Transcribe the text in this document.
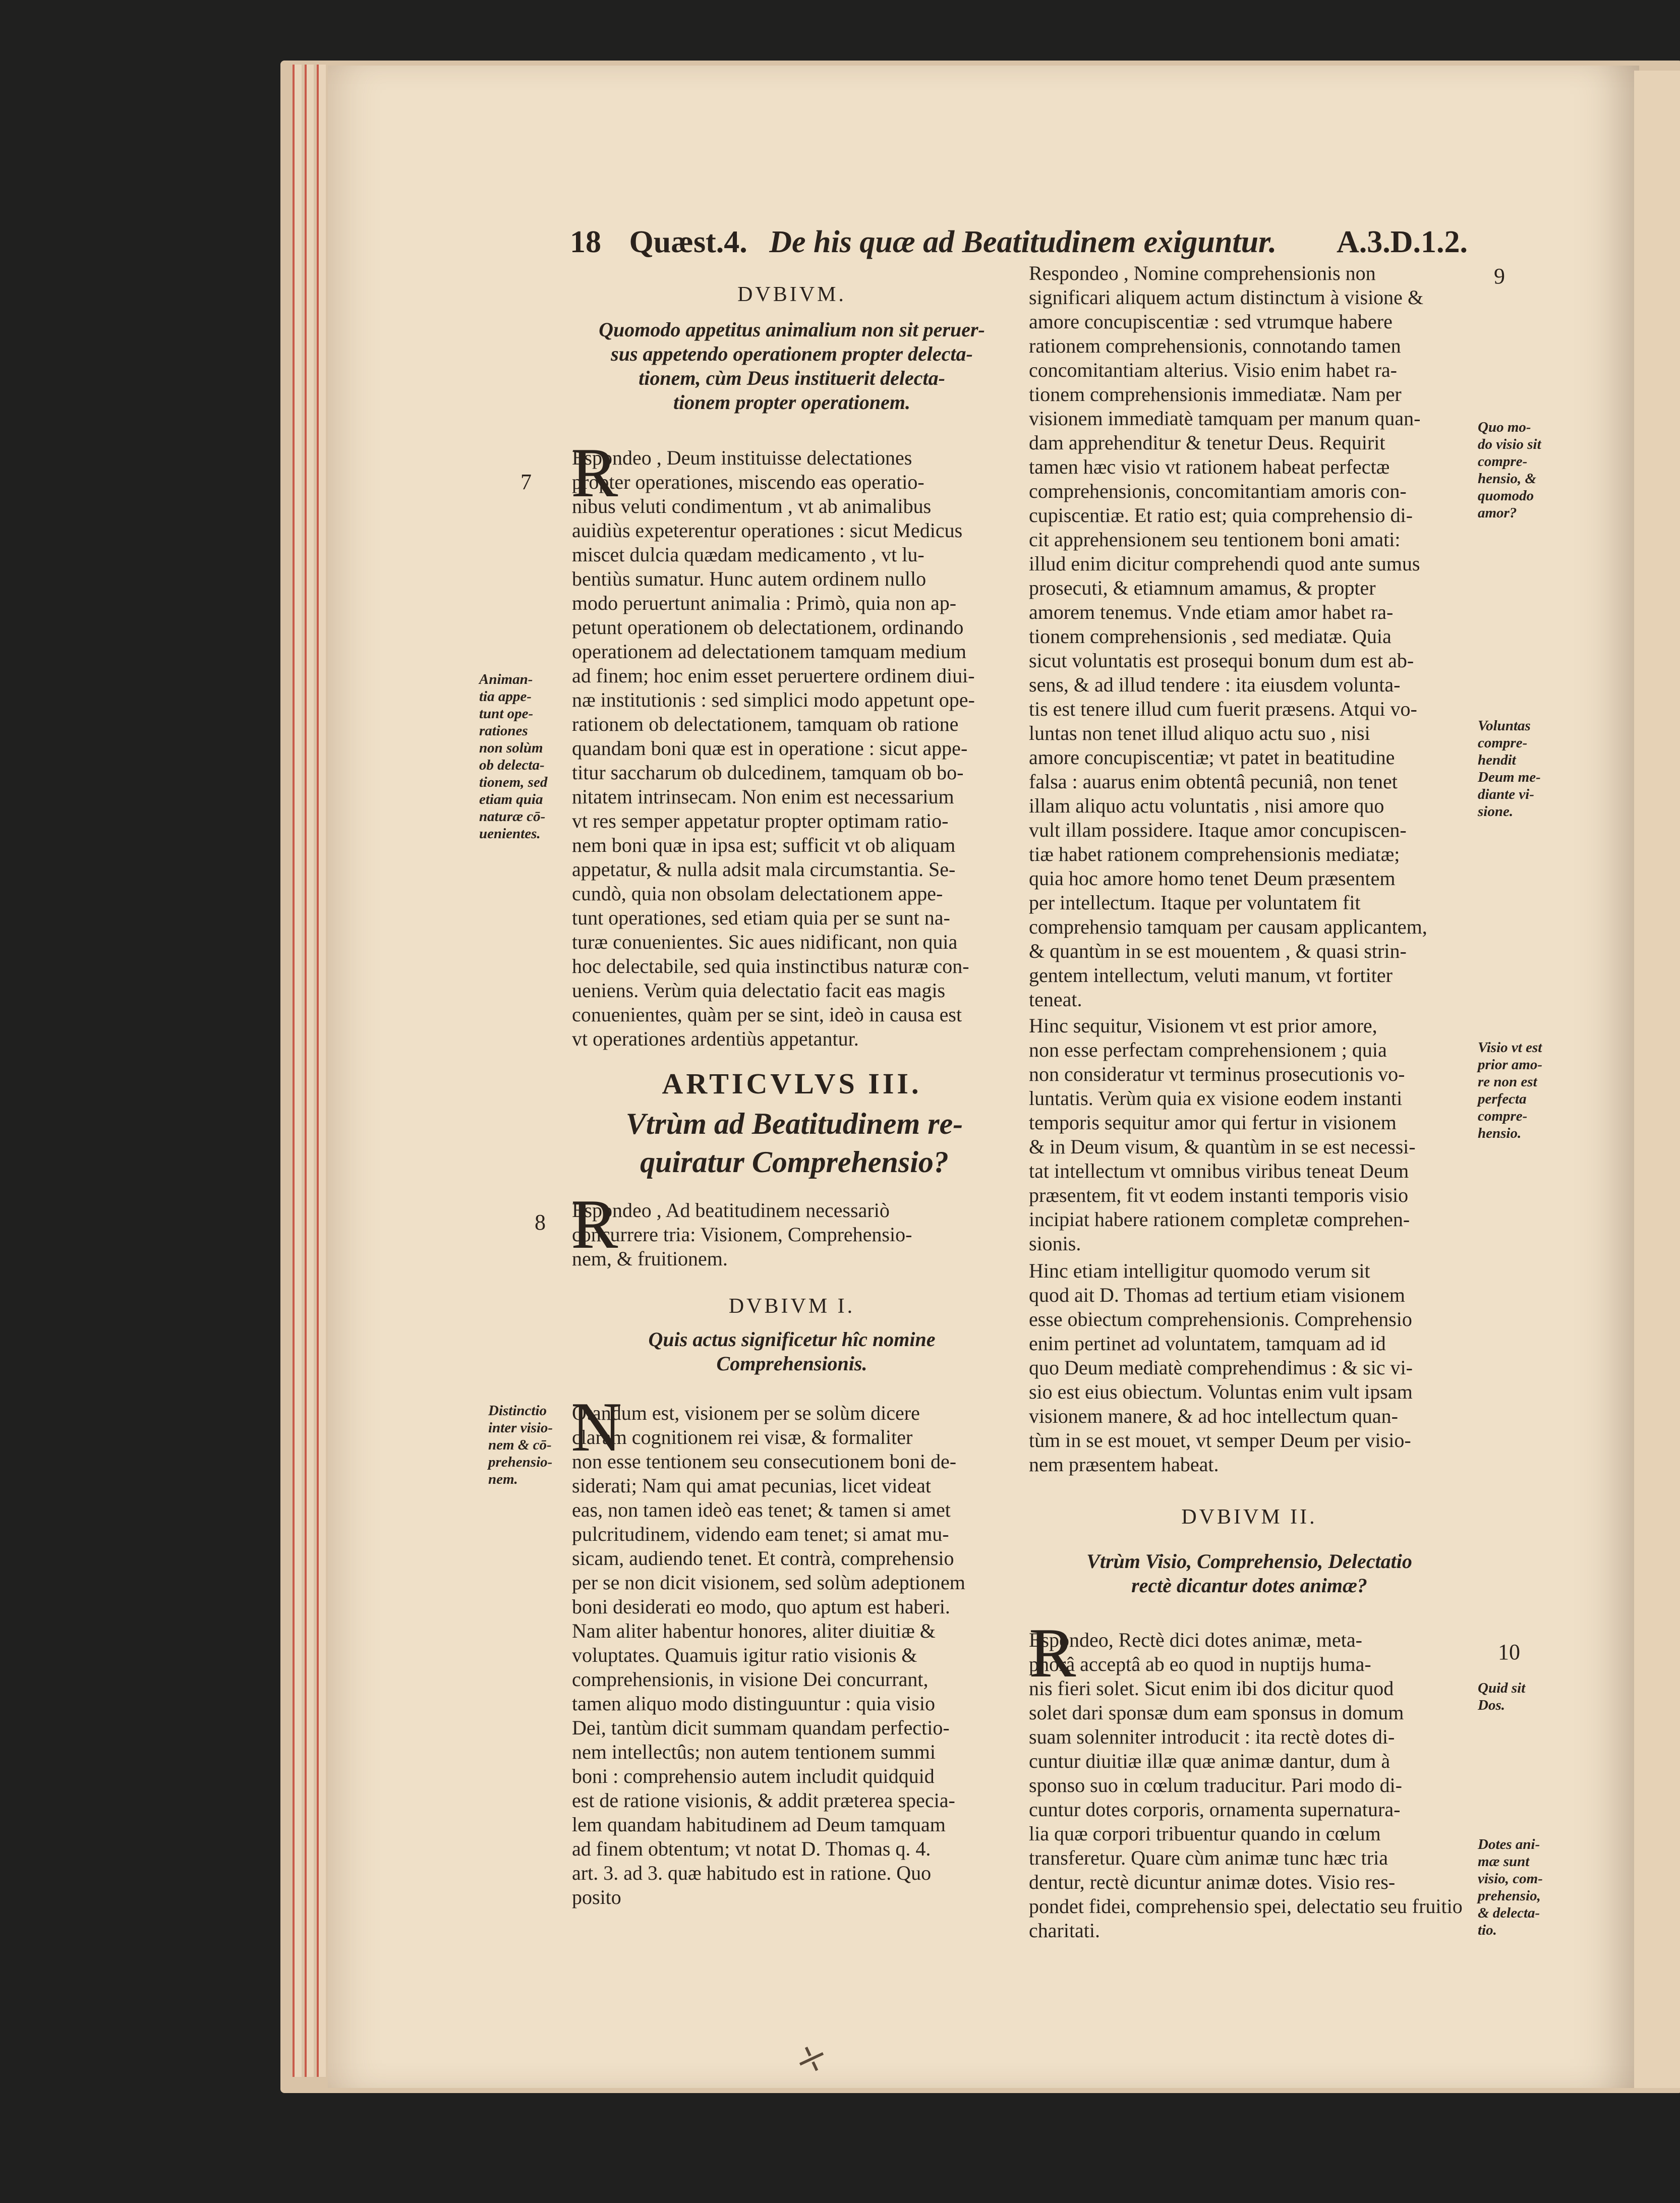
18 Quæst.4. De his quæ ad Beatitudinem exiguntur. A.3.D.1.2.
DVBIVM.
Quomodo appetitus animalium non sit peruer-
sus appetendo operationem propter delecta-
tionem, cùm Deus instituerit delecta-
tionem propter operationem.
R
Espondeo , Deum instituisse delectationes
propter operationes, miscendo eas operatio-
nibus veluti condimentum , vt ab animalibus
auidiùs expeterentur operationes : sicut Medicus
miscet dulcia quædam medicamento , vt lu-
bentiùs sumatur. Hunc autem ordinem nullo
modo peruertunt animalia : Primò, quia non ap-
petunt operationem ob delectationem, ordinando
operationem ad delectationem tamquam medium
ad finem; hoc enim esset peruertere ordinem diui-
næ institutionis : sed simplici modo appetunt ope-
rationem ob delectationem, tamquam ob ratione
quandam boni quæ est in operatione : sicut appe-
titur saccharum ob dulcedinem, tamquam ob bo-
nitatem intrinsecam. Non enim est necessarium
vt res semper appetatur propter optimam ratio-
nem boni quæ in ipsa est; sufficit vt ob aliquam
appetatur, & nulla adsit mala circumstantia. Se-
cundò, quia non obsolam delectationem appe-
tunt operationes, sed etiam quia per se sunt na-
turæ conuenientes. Sic aues nidificant, non quia
hoc delectabile, sed quia instinctibus naturæ con-
ueniens. Verùm quia delectatio facit eas magis
conuenientes, quàm per se sint, ideò in causa est
vt operationes ardentiùs appetantur.
ARTICVLVS III.
Vtrùm ad Beatitudinem re-
quiratur Comprehensio?
R
Espondeo , Ad beatitudinem necessariò
concurrere tria: Visionem, Comprehensio-
nem, & fruitionem.
DVBIVM I.
Quis actus significetur hîc nomine
Comprehensionis.
N
Otandum est, visionem per se solùm dicere
claram cognitionem rei visæ, & formaliter
non esse tentionem seu consecutionem boni de-
siderati; Nam qui amat pecunias, licet videat
eas, non tamen ideò eas tenet; & tamen si amet
pulcritudinem, videndo eam tenet; si amat mu-
sicam, audiendo tenet. Et contrà, comprehensio
per se non dicit visionem, sed solùm adeptionem
boni desiderati eo modo, quo aptum est haberi.
Nam aliter habentur honores, aliter diuitiæ &
voluptates. Quamuis igitur ratio visionis &
comprehensionis, in visione Dei concurrant,
tamen aliquo modo distinguuntur : quia visio
Dei, tantùm dicit summam quandam perfectio-
nem intellectûs; non autem tentionem summi
boni : comprehensio autem includit quidquid
est de ratione visionis, & addit præterea specia-
lem quandam habitudinem ad Deum tamquam
ad finem obtentum; vt notat D. Thomas q. 4.
art. 3. ad 3. quæ habitudo est in ratione. Quo
posito
Respondeo , Nomine comprehensionis non
significari aliquem actum distinctum à visione &
amore concupiscentiæ : sed vtrumque habere
rationem comprehensionis, connotando tamen
concomitantiam alterius. Visio enim habet ra-
tionem comprehensionis immediatæ. Nam per
visionem immediatè tamquam per manum quan-
dam apprehenditur & tenetur Deus. Requirit
tamen hæc visio vt rationem habeat perfectæ
comprehensionis, concomitantiam amoris con-
cupiscentiæ. Et ratio est; quia comprehensio di-
cit apprehensionem seu tentionem boni amati:
illud enim dicitur comprehendi quod ante sumus
prosecuti, & etiamnum amamus, & propter
amorem tenemus. Vnde etiam amor habet ra-
tionem comprehensionis , sed mediatæ. Quia
sicut voluntatis est prosequi bonum dum est ab-
sens, & ad illud tendere : ita eiusdem volunta-
tis est tenere illud cum fuerit præsens. Atqui vo-
luntas non tenet illud aliquo actu suo , nisi
amore concupiscentiæ; vt patet in beatitudine
falsa : auarus enim obtentâ pecuniâ, non tenet
illam aliquo actu voluntatis , nisi amore quo
vult illam possidere. Itaque amor concupiscen-
tiæ habet rationem comprehensionis mediatæ;
quia hoc amore homo tenet Deum præsentem
per intellectum. Itaque per voluntatem fit
comprehensio tamquam per causam applicantem,
& quantùm in se est mouentem , & quasi strin-
gentem intellectum, veluti manum, vt fortiter
teneat.
Hinc sequitur, Visionem vt est prior amore,
non esse perfectam comprehensionem ; quia
non consideratur vt terminus prosecutionis vo-
luntatis. Verùm quia ex visione eodem instanti
temporis sequitur amor qui fertur in visionem
& in Deum visum, & quantùm in se est necessi-
tat intellectum vt omnibus viribus teneat Deum
præsentem, fit vt eodem instanti temporis visio
incipiat habere rationem completæ comprehen-
sionis.
Hinc etiam intelligitur quomodo verum sit
quod ait D. Thomas ad tertium etiam visionem
esse obiectum comprehensionis. Comprehensio
enim pertinet ad voluntatem, tamquam ad id
quo Deum mediatè comprehendimus : & sic vi-
sio est eius obiectum. Voluntas enim vult ipsam
visionem manere, & ad hoc intellectum quan-
tùm in se est mouet, vt semper Deum per visio-
nem præsentem habeat.
DVBIVM II.
Vtrùm Visio, Comprehensio, Delectatio
rectè dicantur dotes animæ?
R
Espondeo, Rectè dici dotes animæ, meta-
phorâ acceptâ ab eo quod in nuptijs huma-
nis fieri solet. Sicut enim ibi dos dicitur quod
solet dari sponsæ dum eam sponsus in domum
suam solenniter introducit : ita rectè dotes di-
cuntur diuitiæ illæ quæ animæ dantur, dum à
sponso suo in cœlum traducitur. Pari modo di-
cuntur dotes corporis, ornamenta supernatura-
lia quæ corpori tribuentur quando in cœlum
transferetur. Quare cùm animæ tunc hæc tria
dentur, rectè dicuntur animæ dotes. Visio res-
pondet fidei, comprehensio spei, delectatio seu fruitio
charitati.
7
8
9
10
Animan-
tia appe-
tunt ope-
rationes
non solùm
ob delecta-
tionem, sed
etiam quia
naturæ cō-
uenientes.
Distinctio
inter visio-
nem & cō-
prehensio-
nem.
Quo mo-
do visio sit
compre-
hensio, &
quomodo
amor?
Voluntas
compre-
hendit
Deum me-
diante vi-
sione.
Visio vt est
prior amo-
re non est
perfecta
compre-
hensio.
Quid sit
Dos.
Dotes ani-
mæ sunt
visio, com-
prehensio,
& delecta-
tio.
⤫
